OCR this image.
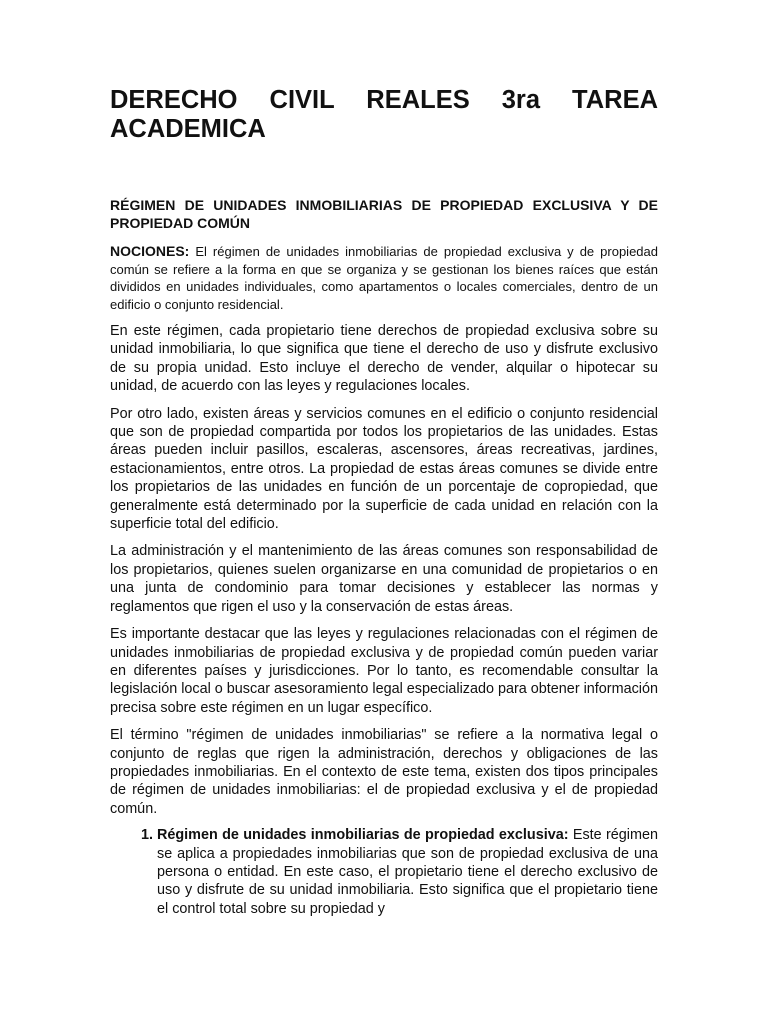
DERECHO CIVIL REALES 3ra TAREA
ACADEMICA
RÉGIMEN DE UNIDADES INMOBILIARIAS DE PROPIEDAD EXCLUSIVA Y DE PROPIEDAD COMÚN

NOCIONES: El régimen de unidades inmobiliarias de propiedad exclusiva y de propiedad común se refiere a la forma en que se organiza y se gestionan los bienes raíces que están divididos en unidades individuales, como apartamentos o locales comerciales, dentro de un edificio o conjunto residencial.

En este régimen, cada propietario tiene derechos de propiedad exclusiva sobre su unidad inmobiliaria, lo que significa que tiene el derecho de uso y disfrute exclusivo de su propia unidad. Esto incluye el derecho de vender, alquilar o hipotecar su unidad, de acuerdo con las leyes y regulaciones locales.

Por otro lado, existen áreas y servicios comunes en el edificio o conjunto residencial que son de propiedad compartida por todos los propietarios de las unidades. Estas áreas pueden incluir pasillos, escaleras, ascensores, áreas recreativas, jardines, estacionamientos, entre otros. La propiedad de estas áreas comunes se divide entre los propietarios de las unidades en función de un porcentaje de copropiedad, que generalmente está determinado por la superficie de cada unidad en relación con la superficie total del edificio.

La administración y el mantenimiento de las áreas comunes son responsabilidad de los propietarios, quienes suelen organizarse en una comunidad de propietarios o en una junta de condominio para tomar decisiones y establecer las normas y reglamentos que rigen el uso y la conservación de estas áreas.

Es importante destacar que las leyes y regulaciones relacionadas con el régimen de unidades inmobiliarias de propiedad exclusiva y de propiedad común pueden variar en diferentes países y jurisdicciones. Por lo tanto, es recomendable consultar la legislación local o buscar asesoramiento legal especializado para obtener información precisa sobre este régimen en un lugar específico.

El término "régimen de unidades inmobiliarias" se refiere a la normativa legal o conjunto de reglas que rigen la administración, derechos y obligaciones de las propiedades inmobiliarias. En el contexto de este tema, existen dos tipos principales de régimen de unidades inmobiliarias: el de propiedad exclusiva y el de propiedad común.

1. Régimen de unidades inmobiliarias de propiedad exclusiva: Este régimen se aplica a propiedades inmobiliarias que son de propiedad exclusiva de una persona o entidad. En este caso, el propietario tiene el derecho exclusivo de uso y disfrute de su unidad inmobiliaria. Esto significa que el propietario tiene el control total sobre su propiedad y
